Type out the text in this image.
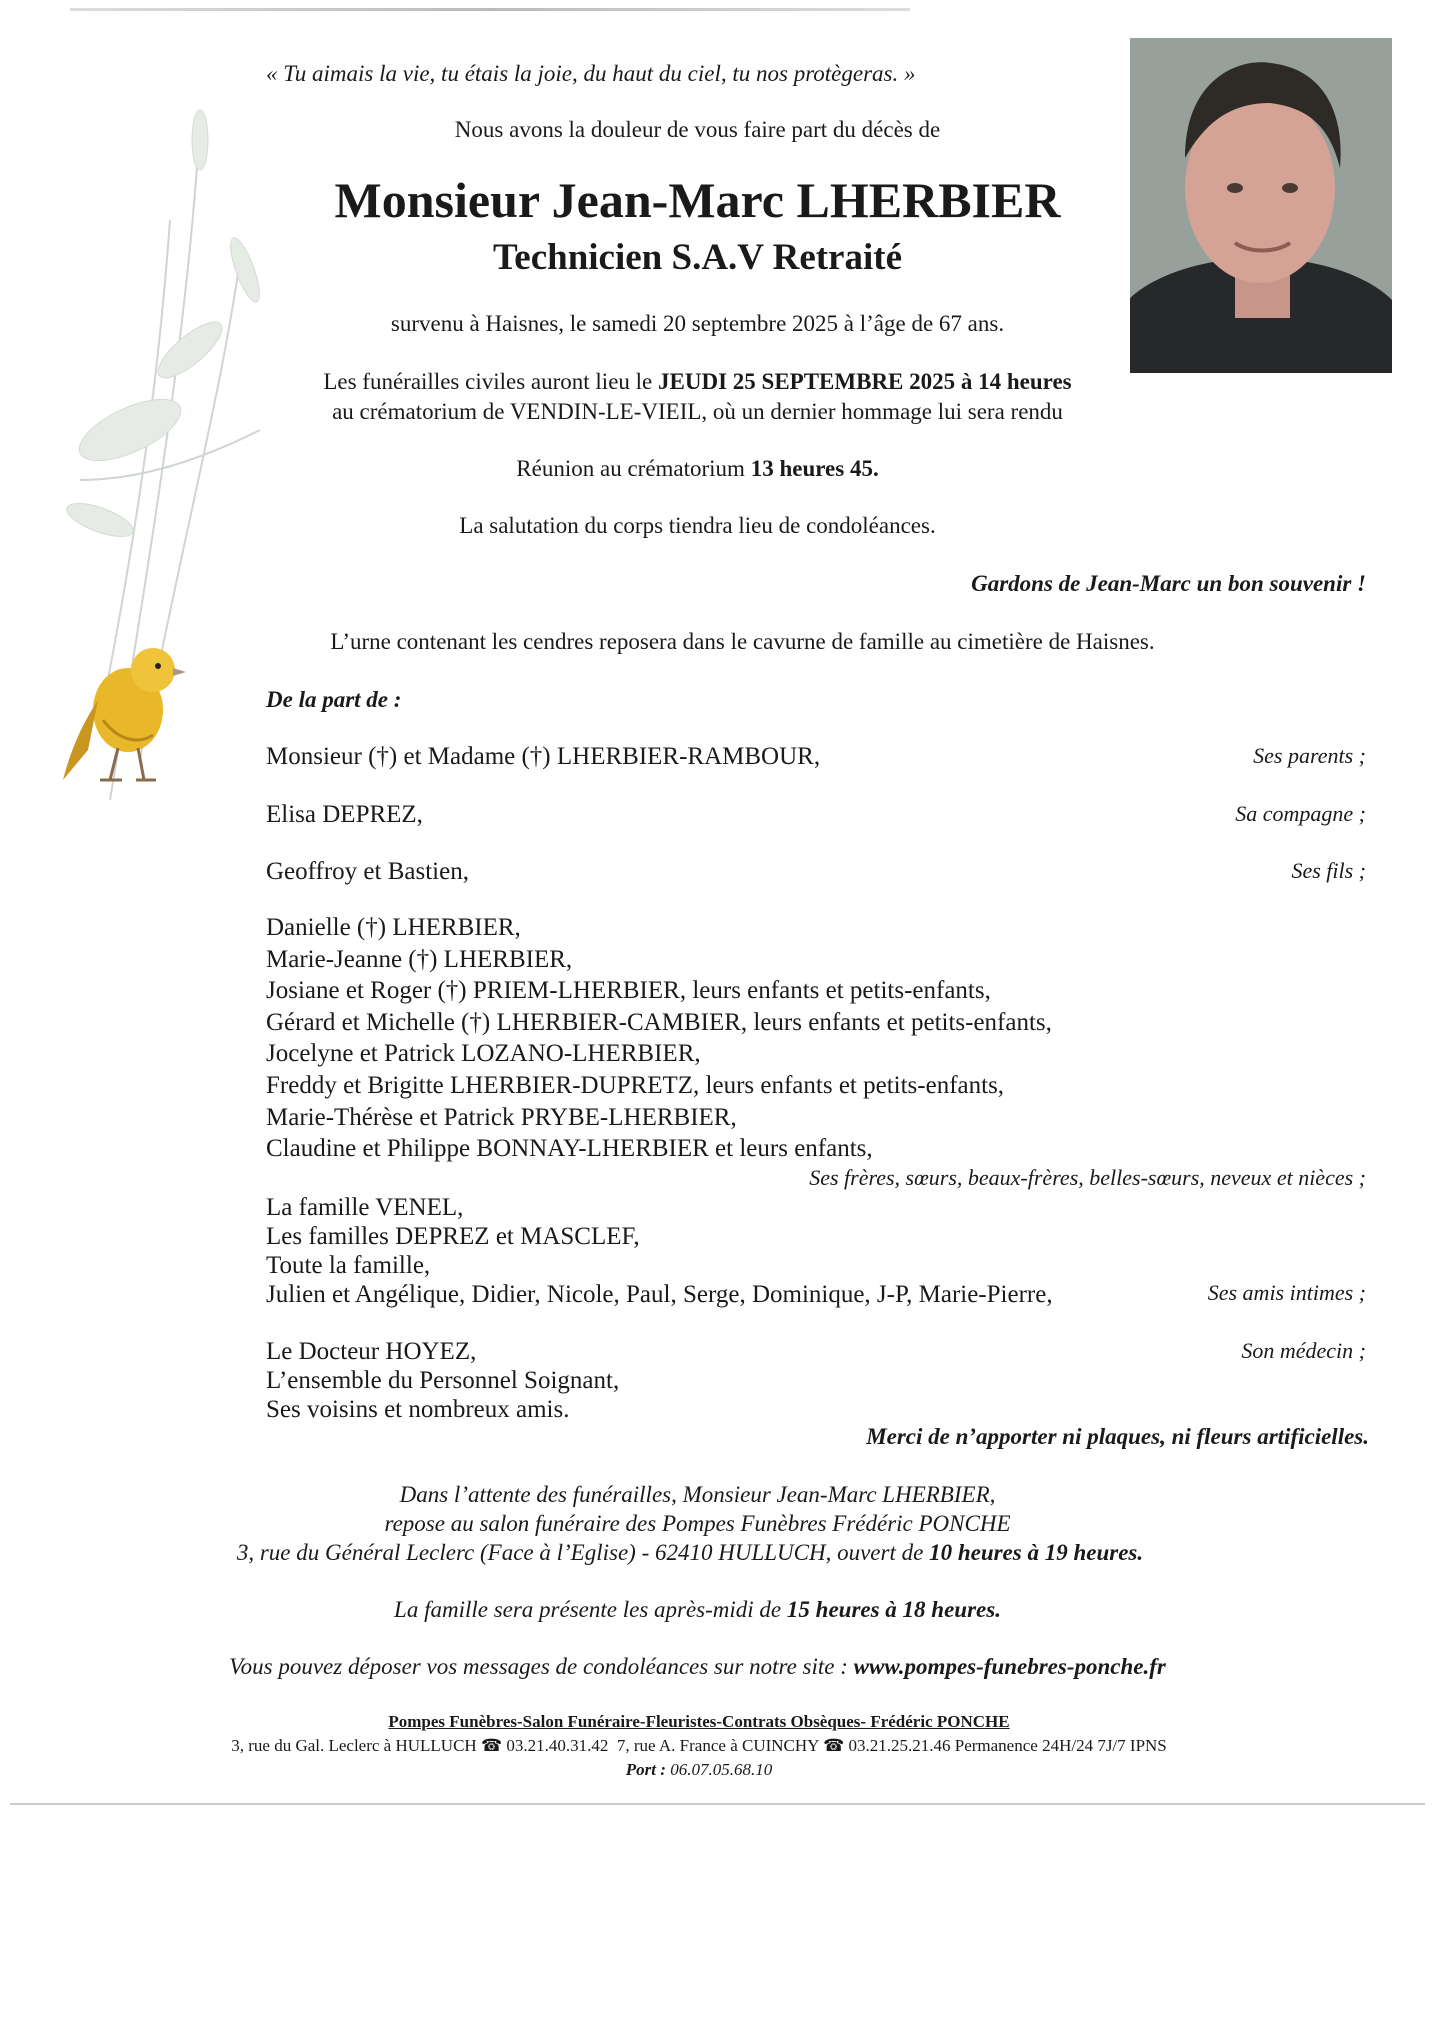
« Tu aimais la vie, tu étais la joie, du haut du ciel, tu nos protègeras. »
Nous avons la douleur de vous faire part du décès de
Monsieur Jean-Marc LHERBIER
Technicien S.A.V Retraité
survenu à Haisnes, le samedi 20 septembre 2025 à l’âge de 67 ans.
Les funérailles civiles auront lieu le JEUDI 25 SEPTEMBRE 2025 à 14 heures
au crématorium de VENDIN-LE-VIEIL, où un dernier hommage lui sera rendu
Réunion au crématorium 13 heures 45.
La salutation du corps tiendra lieu de condoléances.
Gardons de Jean-Marc un bon souvenir !
L’urne contenant les cendres reposera dans le cavurne de famille au cimetière de Haisnes.
De la part de :
Monsieur (†) et Madame (†) LHERBIER-RAMBOUR,	Ses parents ;
Elisa DEPREZ,	Sa compagne ;
Geoffroy et Bastien,	Ses fils ;
Danielle (†) LHERBIER,
Marie-Jeanne (†) LHERBIER,
Josiane et Roger (†) PRIEM-LHERBIER, leurs enfants et petits-enfants,
Gérard et Michelle (†) LHERBIER-CAMBIER, leurs enfants et petits-enfants,
Jocelyne et Patrick LOZANO-LHERBIER,
Freddy et Brigitte LHERBIER-DUPRETZ, leurs enfants et petits-enfants,
Marie-Thérèse et Patrick PRYBE-LHERBIER,
Claudine et Philippe BONNAY-LHERBIER et leurs enfants,
Ses frères, sœurs, beaux-frères, belles-sœurs, neveux et nièces ;
La famille VENEL,
Les familles DEPREZ et MASCLEF,
Toute la famille,
Julien et Angélique, Didier, Nicole, Paul, Serge, Dominique, J-P, Marie-Pierre,	Ses amis intimes ;
Le Docteur HOYEZ,	Son médecin ;
L’ensemble du Personnel Soignant,
Ses voisins et nombreux amis.
Merci de n’apporter ni plaques, ni fleurs artificielles.
Dans l’attente des funérailles, Monsieur Jean-Marc LHERBIER,
repose au salon funéraire des Pompes Funèbres Frédéric PONCHE
3, rue du Général Leclerc (Face à l’Eglise) - 62410 HULLUCH, ouvert de 10 heures à 19 heures.
La famille sera présente les après-midi de 15 heures à 18 heures.
Vous pouvez déposer vos messages de condoléances sur notre site : www.pompes-funebres-ponche.fr
Pompes Funèbres-Salon Funéraire-Fleuristes-Contrats Obsèques- Frédéric PONCHE
3, rue du Gal. Leclerc à HULLUCH ☎ 03.21.40.31.42 7, rue A. France à CUINCHY ☎ 03.21.25.21.46 Permanence 24H/24 7J/7 IPNS
Port : 06.07.05.68.10
